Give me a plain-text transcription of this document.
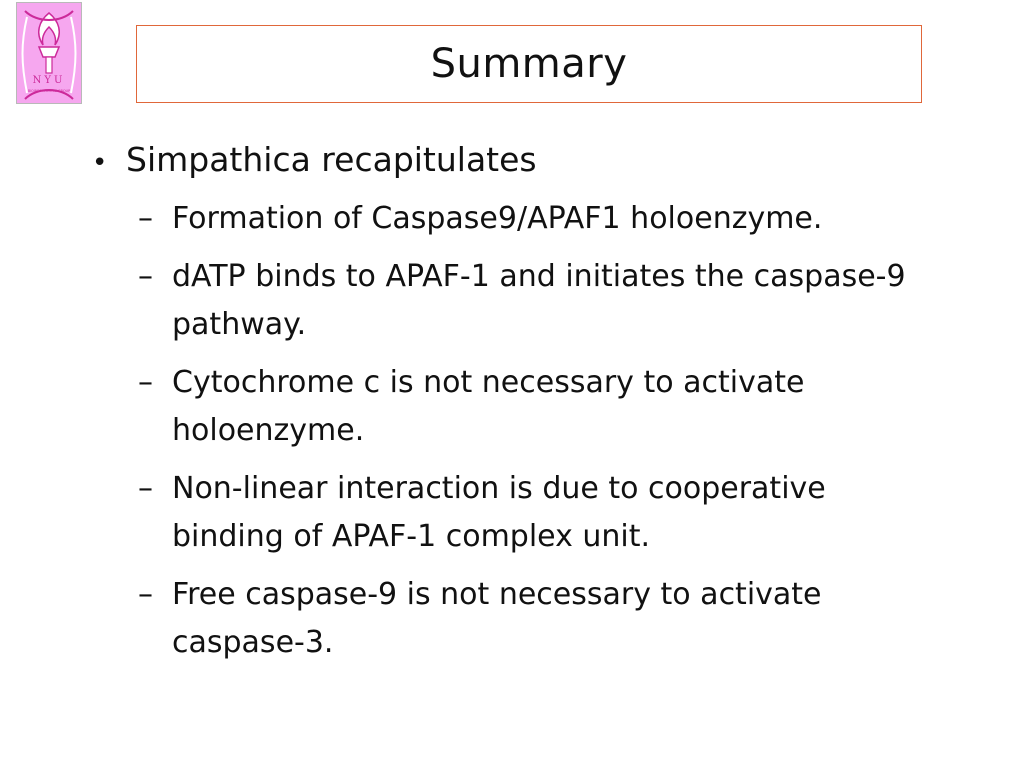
NYU
BIOINFORMATICS GROUP
Summary
• Simpathica recapitulates
– Formation of Caspase9/APAF1 holoenzyme.
– dATP binds to APAF-1 and initiates the caspase-9 pathway.
– Cytochrome c is not necessary to activate holoenzyme.
– Non-linear interaction is due to cooperative binding of APAF-1 complex unit.
– Free caspase-9 is not necessary to activate caspase-3.
